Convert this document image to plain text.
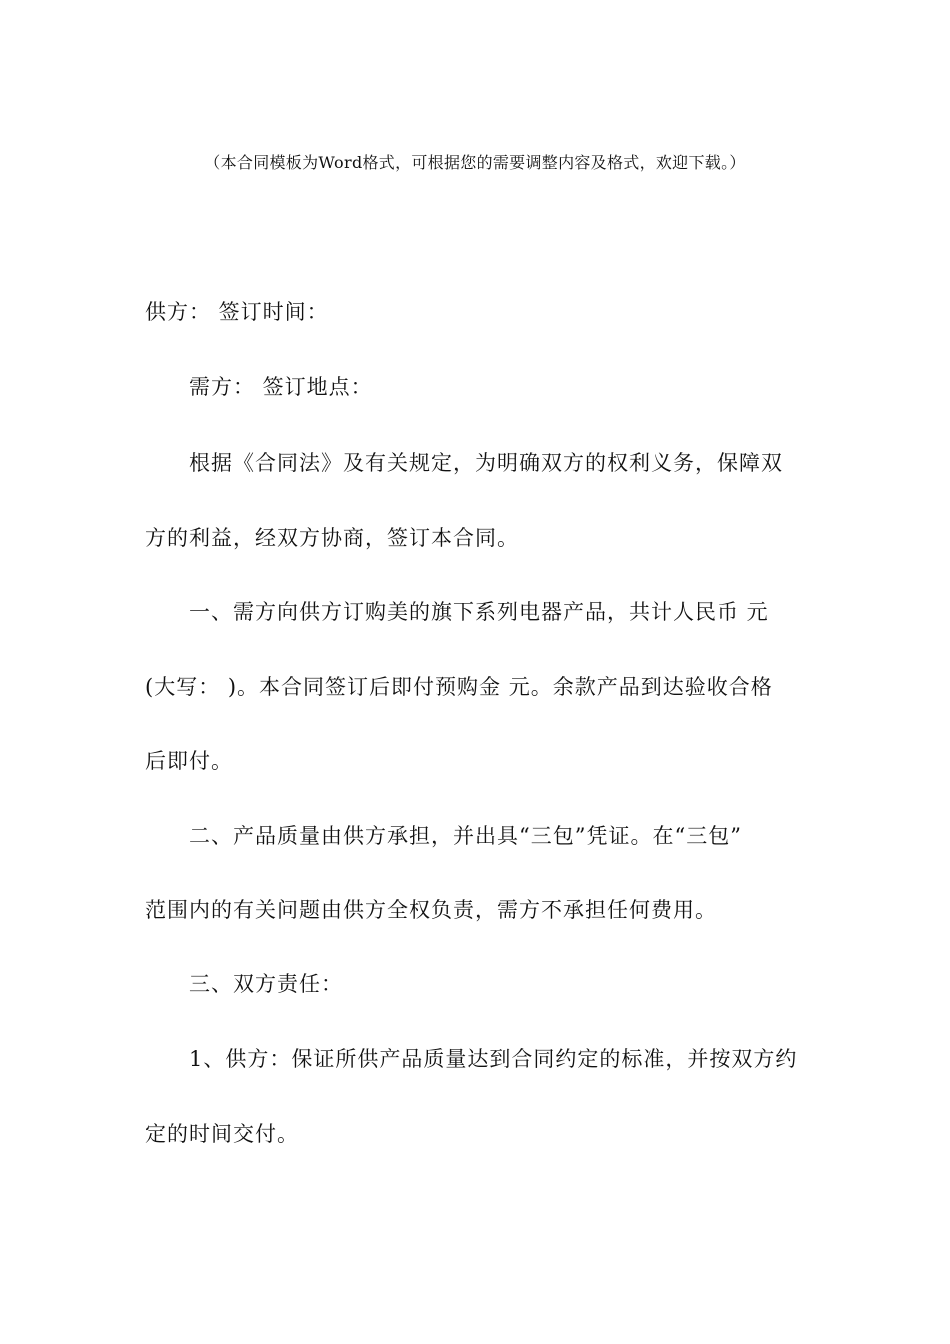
（本合同模板为Word格式，可根据您的需要调整内容及格式，欢迎下载。）
供方： 签订时间：
需方： 签订地点：
根据《合同法》及有关规定，为明确双方的权利义务，保障双
方的利益，经双方协商，签订本合同。
一、需方向供方订购美的旗下系列电器产品，共计人民币 元
(大写： )。本合同签订后即付预购金 元。余款产品到达验收合格
后即付。
二、产品质量由供方承担，并出具“三包”凭证。在“三包”
范围内的有关问题由供方全权负责，需方不承担任何费用。
三、双方责任：
1、供方：保证所供产品质量达到合同约定的标准，并按双方约
定的时间交付。
